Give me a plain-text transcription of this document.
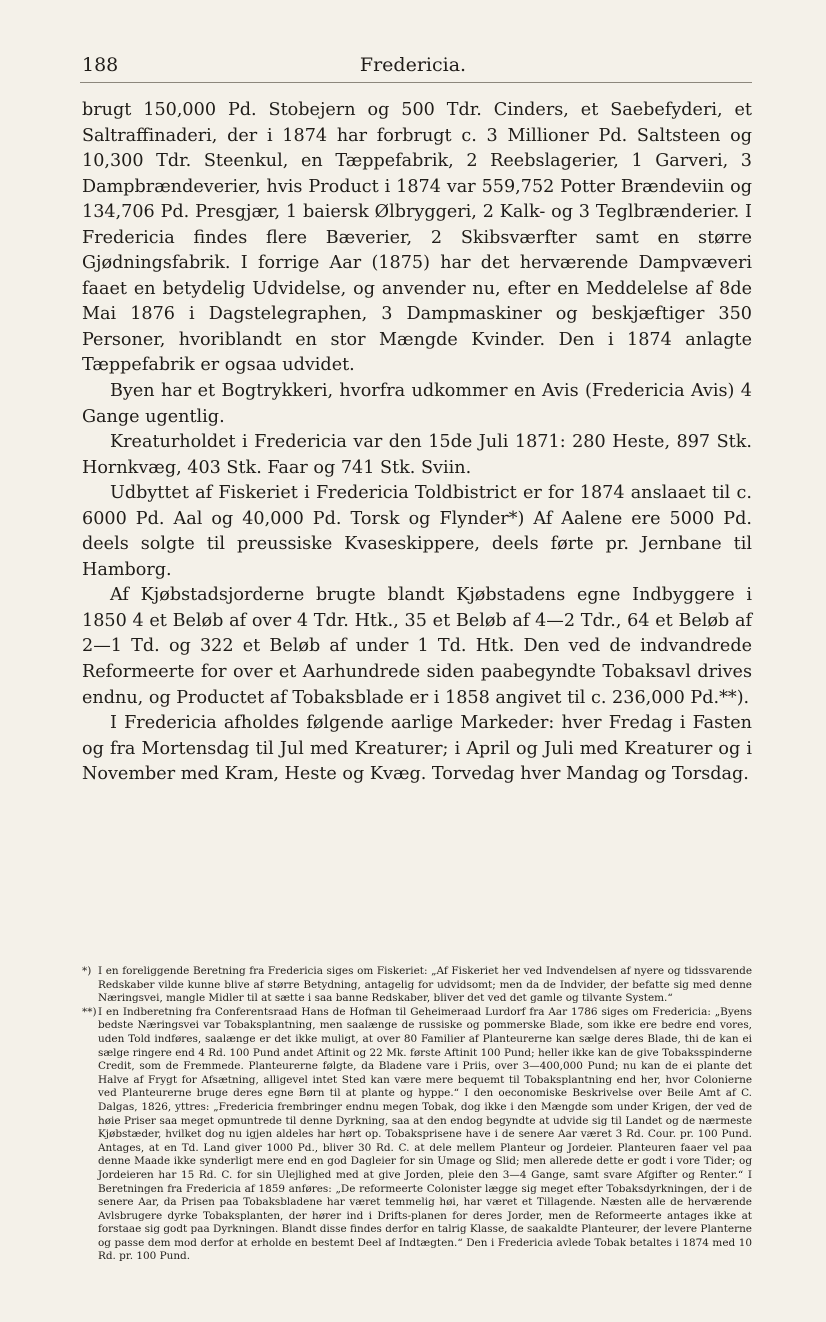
188	Fredericia.

brugt 150,000 Pd. Stobejern og 500 Tdr. Cinders, et Saebefyderi, et Saltraffinaderi, der i 1874 har forbrugt c. 3 Millioner Pd. Saltsteen og 10,300 Tdr. Steenkul, en Tæppefabrik, 2 Reebslagerier, 1 Garveri, 3 Dampbrændeverier, hvis Product i 1874 var 559,752 Potter Brændeviin og 134,706 Pd. Presgjær, 1 baiersk Ølbryggeri, 2 Kalk- og 3 Teglbrænderier. I Fredericia findes flere Bæverier, 2 Skibsværfter samt en større Gjødningsfabrik. I forrige Aar (1875) har det herværende Dampvæveri faaet en betydelig Udvidelse, og anvender nu, efter en Meddelelse af 8de Mai 1876 i Dagstelegraphen, 3 Dampmaskiner og beskjæftiger 350 Personer, hvoriblandt en stor Mængde Kvinder. Den i 1874 anlagte Tæppefabrik er ogsaa udvidet.

Byen har et Bogtrykkeri, hvorfra udkommer en Avis (Fredericia Avis) 4 Gange ugentlig.

Kreaturholdet i Fredericia var den 15de Juli 1871: 280 Heste, 897 Stk. Hornkvæg, 403 Stk. Faar og 741 Stk. Sviin.

Udbyttet af Fiskeriet i Fredericia Toldbistrict er for 1874 anslaaet til c. 6000 Pd. Aal og 40,000 Pd. Torsk og Flynder*) Af Aalene ere 5000 Pd. deels solgte til preussiske Kvaseskippere, deels førte pr. Jernbane til Hamborg.

Af Kjøbstadsjorderne brugte blandt Kjøbstadens egne Indbyggere i 1850 4 et Beløb af over 4 Tdr. Htk., 35 et Beløb af 4—2 Tdr., 64 et Beløb af 2—1 Td. og 322 et Beløb af under 1 Td. Htk. Den ved de indvandrede Reformeerte for over et Aarhundrede siden paabegyndte Tobaksavl drives endnu, og Productet af Tobaksblade er i 1858 angivet til c. 236,000 Pd.**).

I Fredericia afholdes følgende aarlige Markeder: hver Fredag i Fasten og fra Mortensdag til Jul med Kreaturer; i April og Juli med Kreaturer og i November med Kram, Heste og Kvæg. Torvedag hver Mandag og Torsdag.

*) I en foreliggende Beretning fra Fredericia siges om Fiskeriet: „Af Fiskeriet her ved Indvendelsen af nyere og tidssvarende Redskaber vilde kunne blive af større Betydning, antagelig for udvidsomt; men da de Indvider, der befatte sig med denne Næringsvei, mangle Midler til at sætte i saa banne Redskaber, bliver det ved det gamle og tilvante System.“

**)I en Indberetning fra Conferentsraad Hans de Hofman til Geheimeraad Lurdorf fra Aar 1786 siges om Fredericia: „Byens bedste Næringsvei var Tobaksplantning, men saalænge de russiske og pommerske Blade, som ikke ere bedre end vores, uden Told indføres, saalænge er det ikke muligt, at over 80 Familier af Planteurerne kan sælge deres Blade, thi de kan ei sælge ringere end 4 Rd. 100 Pund andet Aftinit og 22 Mk. første Aftinit 100 Pund; heller ikke kan de give Tobaksspinderne Credit, som de Fremmede. Planteurerne følgte, da Bladene vare i Priis, over 3—400,000 Pund; nu kan de ei plante det Halve af Frygt for Afsætning, alligevel intet Sted kan være mere bequemt til Tobaksplantning end her, hvor Colonierne ved Planteurerne bruge deres egne Børn til at plante og hyppe.“ I den oeconomiske Beskrivelse over Beile Amt af C. Dalgas, 1826, yttres: „Fredericia frembringer endnu megen Tobak, dog ikke i den Mængde som under Krigen, der ved de høie Priser saa meget opmuntrede til denne Dyrkning, saa at den endog begyndte at udvide sig til Landet og de nærmeste Kjøbstæder, hvilket dog nu igjen aldeles har hørt op. Tobaksprisene have i de senere Aar været 3 Rd. Cour. pr. 100 Pund. Antages, at en Td. Land giver 1000 Pd., bliver 30 Rd. C. at dele mellem Planteur og Jordeier. Planteuren faaer vel paa denne Maade ikke synderligt mere end en god Dagleier for sin Umage og Slid; men allerede dette er godt i vore Tider; og Jordeieren har 15 Rd. C. for sin Ulejlighed med at give Jorden, pleie den 3—4 Gange, samt svare Afgifter og Renter.“ I Beretningen fra Fredericia af 1859 anføres: „De reformeerte Colonister lægge sig meget efter Tobaksdyrkningen, der i de senere Aar, da Prisen paa Tobaksbladene har været temmelig høi, har været et Tillagende. Næsten alle de herværende Avlsbrugere dyrke Tobaksplanten, der hører ind i Drifts-planen for deres Jorder, men de Reformeerte antages ikke at forstaae sig godt paa Dyrkningen. Blandt disse findes derfor en talrig Klasse, de saakaldte Planteurer, der levere Planterne og passe dem mod derfor at erholde en bestemt Deel af Indtægten.“ Den i Fredericia avlede Tobak betaltes i 1874 med 10 Rd. pr. 100 Pund.
